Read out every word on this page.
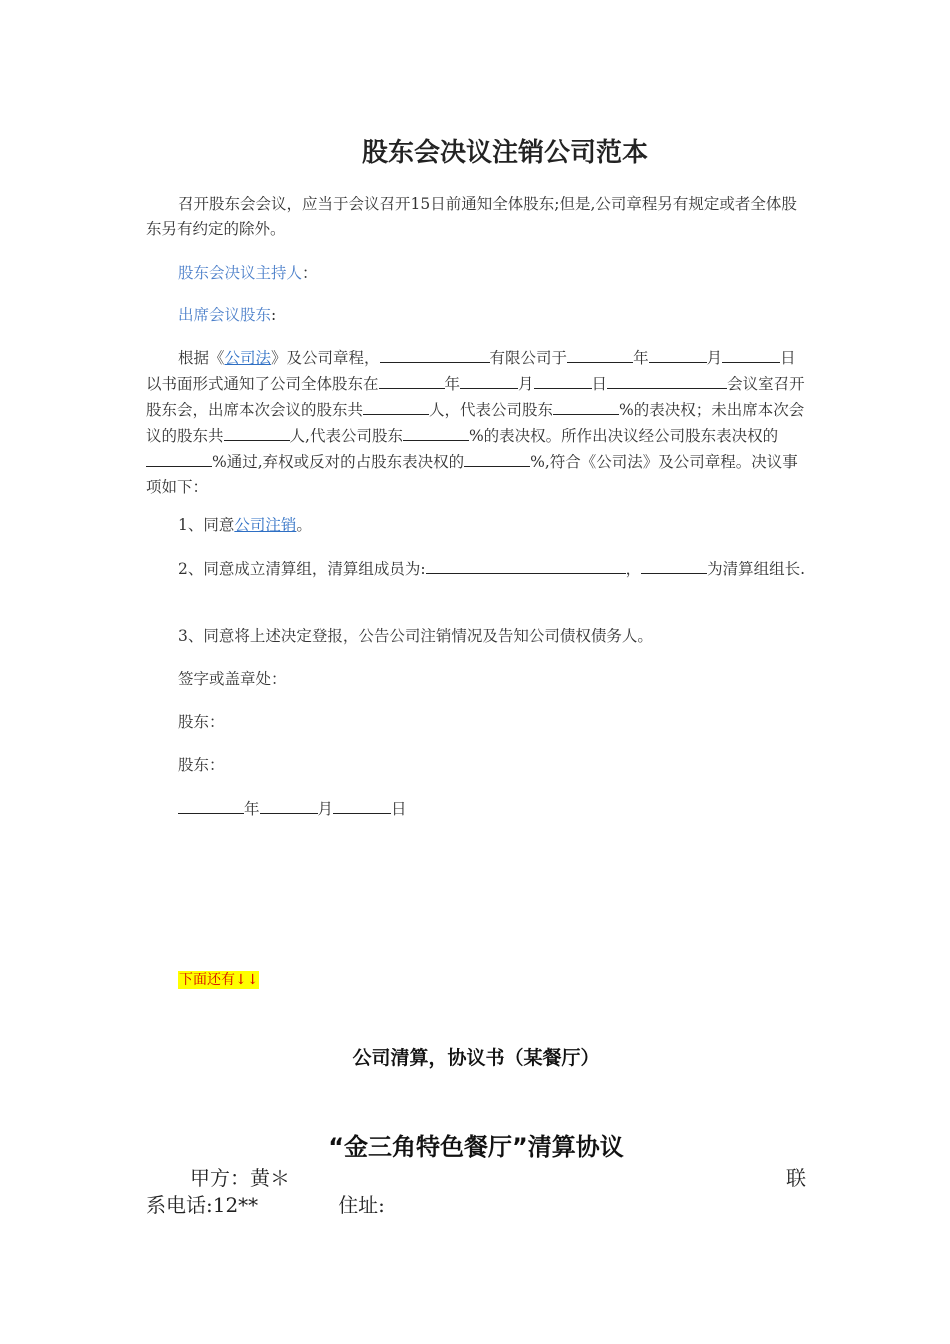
股东会决议注销公司范本
召开股东会会议，应当于会议召开15日前通知全体股东;但是,公司章程另有规定或者全体股东另有约定的除外。
股东会决议主持人：
出席会议股东:
根据《公司法》及公司章程，	有限公司于	年	月	日以书面形式通知了公司全体股东在	年	月	日	会议室召开股东会，出席本次会议的股东共	人，代表公司股东	%的表决权；未出席本次会议的股东共	人,代表公司股东	%的表决权。所作出决议经公司股东表决权的%通过,弃权或反对的占股东表决权的	%,符合《公司法》及公司章程。决议事项如下：
1、同意公司注销。
2、同意成立清算组，清算组成员为:	，	为清算组组长.
3、同意将上述决定登报，公告公司注销情况及告知公司债权债务人。
签字或盖章处：
股东：
股东：
年	月	日
下面还有↓↓
公司清算，协议书（某餐厅）
“金三角特色餐厅”清算协议
甲方：黄＊	联
系电话:12**	住址:
